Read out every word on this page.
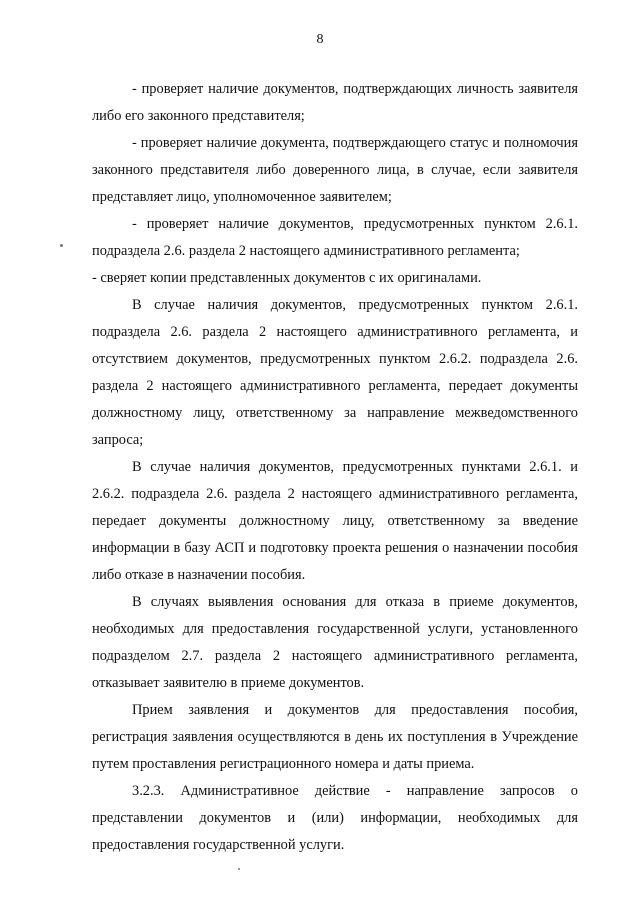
8

- проверяет наличие документов, подтверждающих личность заявителя либо его законного представителя;

- проверяет наличие документа, подтверждающего статус и полномочия законного представителя либо доверенного лица, в случае, если заявителя представляет лицо, уполномоченное заявителем;

- проверяет наличие документов, предусмотренных пунктом 2.6.1. подраздела 2.6. раздела 2 настоящего административного регламента;

- сверяет копии представленных документов с их оригиналами.

В случае наличия документов, предусмотренных пунктом 2.6.1. подраздела 2.6. раздела 2 настоящего административного регламента, и отсутствием документов, предусмотренных пунктом 2.6.2. подраздела 2.6. раздела 2 настоящего административного регламента, передает документы должностному лицу, ответственному за направление межведомственного запроса;

В случае наличия документов, предусмотренных пунктами 2.6.1. и 2.6.2. подраздела 2.6. раздела 2 настоящего административного регламента, передает документы должностному лицу, ответственному за введение информации в базу АСП и подготовку проекта решения о назначении пособия либо отказе в назначении пособия.

В случаях выявления основания для отказа в приеме документов, необходимых для предоставления государственной услуги, установленного подразделом 2.7. раздела 2 настоящего административного регламента, отказывает заявителю в приеме документов.

Прием заявления и документов для предоставления пособия, регистрация заявления осуществляются в день их поступления в Учреждение путем проставления регистрационного номера и даты приема.

3.2.3. Административное действие - направление запросов о представлении документов и (или) информации, необходимых для предоставления государственной услуги.
